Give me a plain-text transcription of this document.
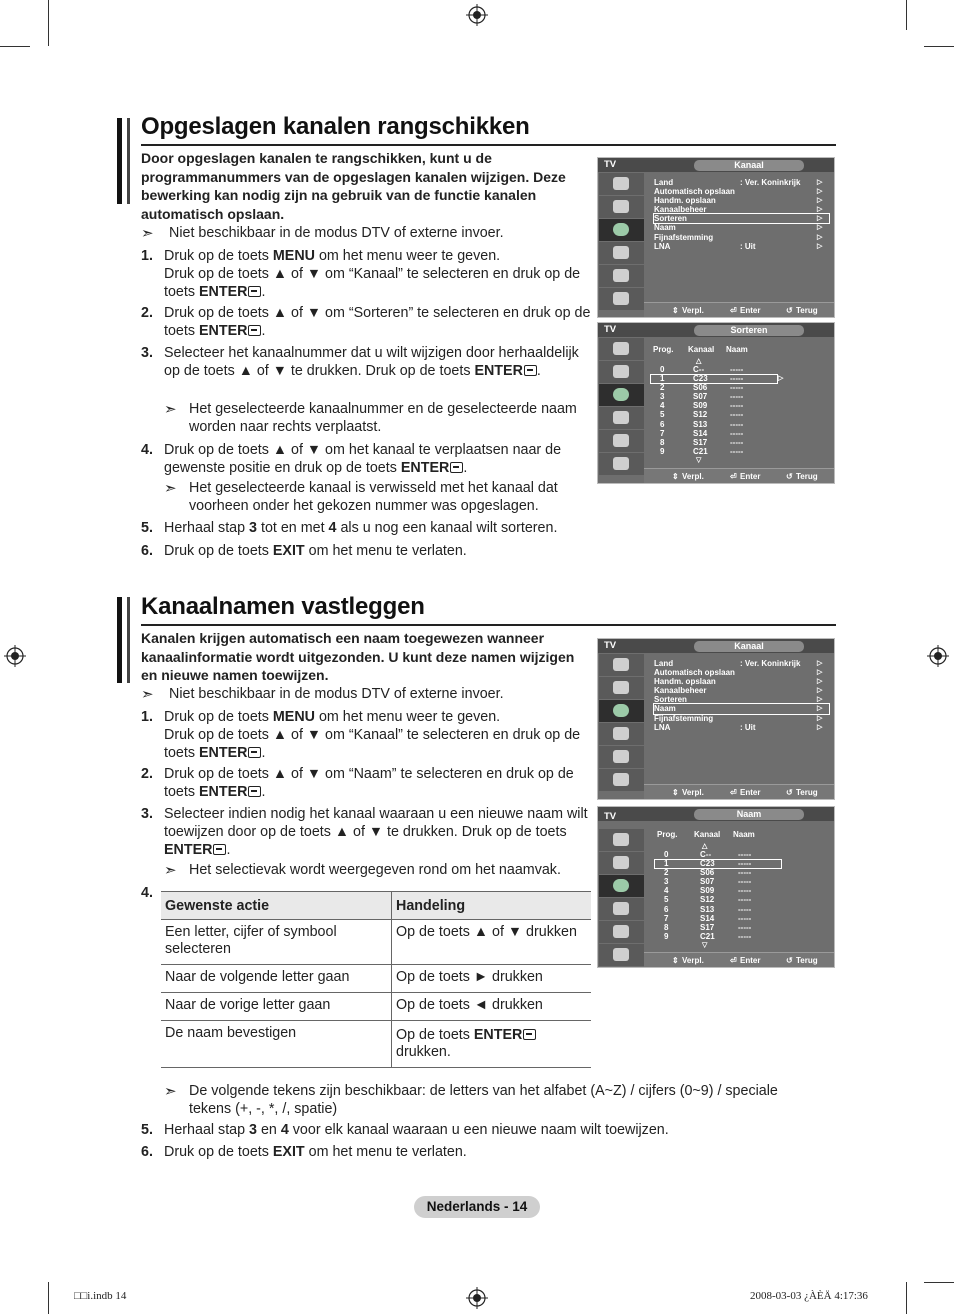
Opgeslagen kanalen rangschikken
Door opgeslagen kanalen te rangschikken, kunt u de programmanummers van de opgeslagen kanalen wijzigen. Deze bewerking kan nodig zijn na gebruik van de functie kanalen automatisch opslaan.
➣ Niet beschikbaar in de modus DTV of externe invoer.
1. Druk op de toets MENU om het menu weer te geven.
Druk op de toets ▲ of ▼ om “Kanaal” te selecteren en druk op de toets ENTER .
2. Druk op de toets ▲ of ▼ om “Sorteren” te selecteren en druk op de toets ENTER .
3. Selecteer het kanaalnummer dat u wilt wijzigen door herhaaldelijk op de toets ▲ of ▼ te drukken. Druk op de toets ENTER .
➣ Het geselecteerde kanaalnummer en de geselecteerde naam worden naar rechts verplaatst.
4. Druk op de toets ▲ of ▼ om het kanaal te verplaatsen naar de gewenste positie en druk op de toets ENTER .
➣ Het geselecteerde kanaal is verwisseld met het kanaal dat voorheen onder het gekozen nummer was opgeslagen.
5. Herhaal stap 3 tot en met 4 als u nog een kanaal wilt sorteren.
6. Druk op de toets EXIT om het menu te verlaten.
TV	Kanaal
Land	: Ver. Koninkrijk ▷
Automatisch opslaan	▷
Handm. opslaan	▷
Kanaalbeheer	▷
Sorteren	▷
Naam	▷
Fijnafstemming	▷
LNA	: Uit	▷
⇕ Verpl.	⏎ Enter	↺ Terug
TV	Sorteren
Prog. Kanaal Naam
△
0	C--	-----
1	C23	-----	▷
2	S06	-----
3	S07	-----
4	S09	-----
5	S12	-----
6	S13	-----
7	S14	-----
8	S17	-----
9	C21	-----
▽
⇕ Verpl.	⏎ Enter	↺ Terug
Kanaalnamen vastleggen
Kanalen krijgen automatisch een naam toegewezen wanneer kanaalinformatie wordt uitgezonden. U kunt deze namen wijzigen en nieuwe namen toewijzen.
➣ Niet beschikbaar in de modus DTV of externe invoer.
1. Druk op de toets MENU om het menu weer te geven.
Druk op de toets ▲ of ▼ om “Kanaal” te selecteren en druk op de toets ENTER .
2. Druk op de toets ▲ of ▼ om “Naam” te selecteren en druk op de toets ENTER .
3. Selecteer indien nodig het kanaal waaraan u een nieuwe naam wilt toewijzen door op de toets ▲ of ▼ te drukken. Druk op de toets ENTER .
➣ Het selectievak wordt weergegeven rond om het naamvak.
4.
Gewenste actie	Handeling
Een letter, cijfer of symbool selecteren	Op de toets ▲ of ▼ drukken
Naar de volgende letter gaan	Op de toets ► drukken
Naar de vorige letter gaan	Op de toets ◄ drukken
De naam bevestigen	Op de toets ENTER
drukken.
➣ De volgende tekens zijn beschikbaar: de letters van het alfabet (A~Z) / cijfers (0~9) / speciale tekens (+, -, *, /, spatie)
5. Herhaal stap 3 en 4 voor elk kanaal waaraan u een nieuwe naam wilt toewijzen.
6. Druk op de toets EXIT om het menu te verlaten.
TV	Kanaal
Land	: Ver. Koninkrijk ▷
Automatisch opslaan	▷
Handm. opslaan	▷
Kanaalbeheer	▷
Sorteren	▷
Naam	▷
Fijnafstemming	▷
LNA	: Uit	▷
⇕ Verpl.	⏎ Enter	↺ Terug
TV	Naam
Prog. Kanaal Naam
△
0	C--	-----
1	C23	-----
2	S06	-----
3	S07	-----
4	S09	-----
5	S12	-----
6	S13	-----
7	S14	-----
8	S17	-----
9	C21	-----
▽
⇕ Verpl.	⏎ Enter	↺ Terug
Nederlands - 14
□□i.indb 14	2008-03-03 ¿ÀÈÄ 4:17:36
